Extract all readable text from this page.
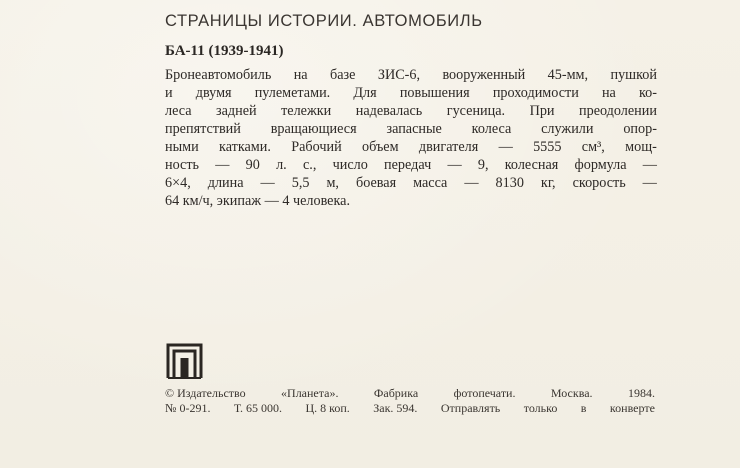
СТРАНИЦЫ ИСТОРИИ. АВТОМОБИЛЬ
БА-11 (1939-1941)
Бронеавтомобиль на базе ЗИС-6, вооруженный 45-мм, пушкой
и двумя пулеметами. Для повышения проходимости на ко-
леса задней тележки надевалась гусеница. При преодолении
препятствий вращающиеся запасные колеса служили опор-
ными катками. Рабочий объем двигателя — 5555 см³, мощ-
ность — 90 л. с., число передач — 9, колесная формула —
6×4, длина — 5,5 м, боевая масса — 8130 кг, скорость —
64 км/ч, экипаж — 4 человека.
© Издательство	«Планета».	Фабрика	фотопечати.	Москва.	1984.
№ 0-291. Т. 65 000. Ц. 8 коп. Зак. 594. Отправлять только в конверте
